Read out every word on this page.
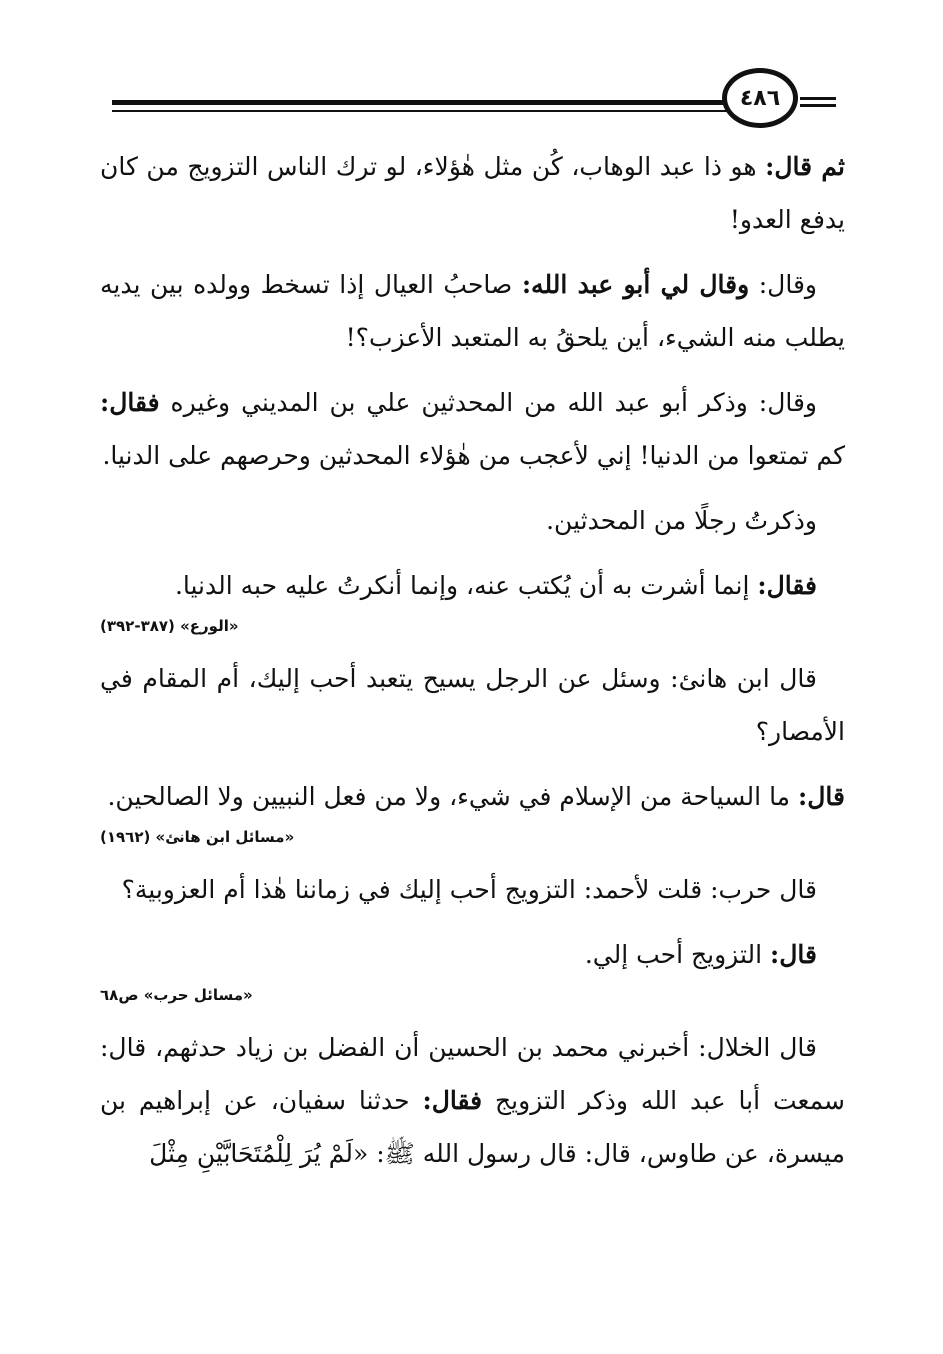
٤٨٦

ثم قال: هو ذا عبد الوهاب، كُن مثل هٰؤلاء، لو ترك الناس التزويج من كان يدفع العدو!

وقال: وقال لي أبو عبد الله: صاحبُ العيال إذا تسخط وولده بين يديه يطلب منه الشيء، أين يلحقُ به المتعبد الأعزب؟!

وقال: وذكر أبو عبد الله من المحدثين علي بن المديني وغيره فقال: كم تمتعوا من الدنيا! إني لأعجب من هٰؤلاء المحدثين وحرصهم على الدنيا.

وذكرتُ رجلًا من المحدثين.

فقال: إنما أشرت به أن يُكتب عنه، وإنما أنكرتُ عليه حبه الدنيا.

«الورع» (٣٨٧-٣٩٢)

قال ابن هانئ: وسئل عن الرجل يسيح يتعبد أحب إليك، أم المقام في الأمصار؟

قال: ما السياحة من الإسلام في شيء، ولا من فعل النبيين ولا الصالحين.

«مسائل ابن هانئ» (١٩٦٢)

قال حرب: قلت لأحمد: التزويج أحب إليك في زماننا هٰذا أم العزوبية؟

قال: التزويج أحب إلي.

«مسائل حرب» ص٦٨

قال الخلال: أخبرني محمد بن الحسين أن الفضل بن زياد حدثهم، قال: سمعت أبا عبد الله وذكر التزويج فقال: حدثنا سفيان، عن إبراهيم بن ميسرة، عن طاوس، قال: قال رسول الله ﷺ: «لَمْ يُرَ لِلْمُتَحَابَّيْنِ مِثْلَ
